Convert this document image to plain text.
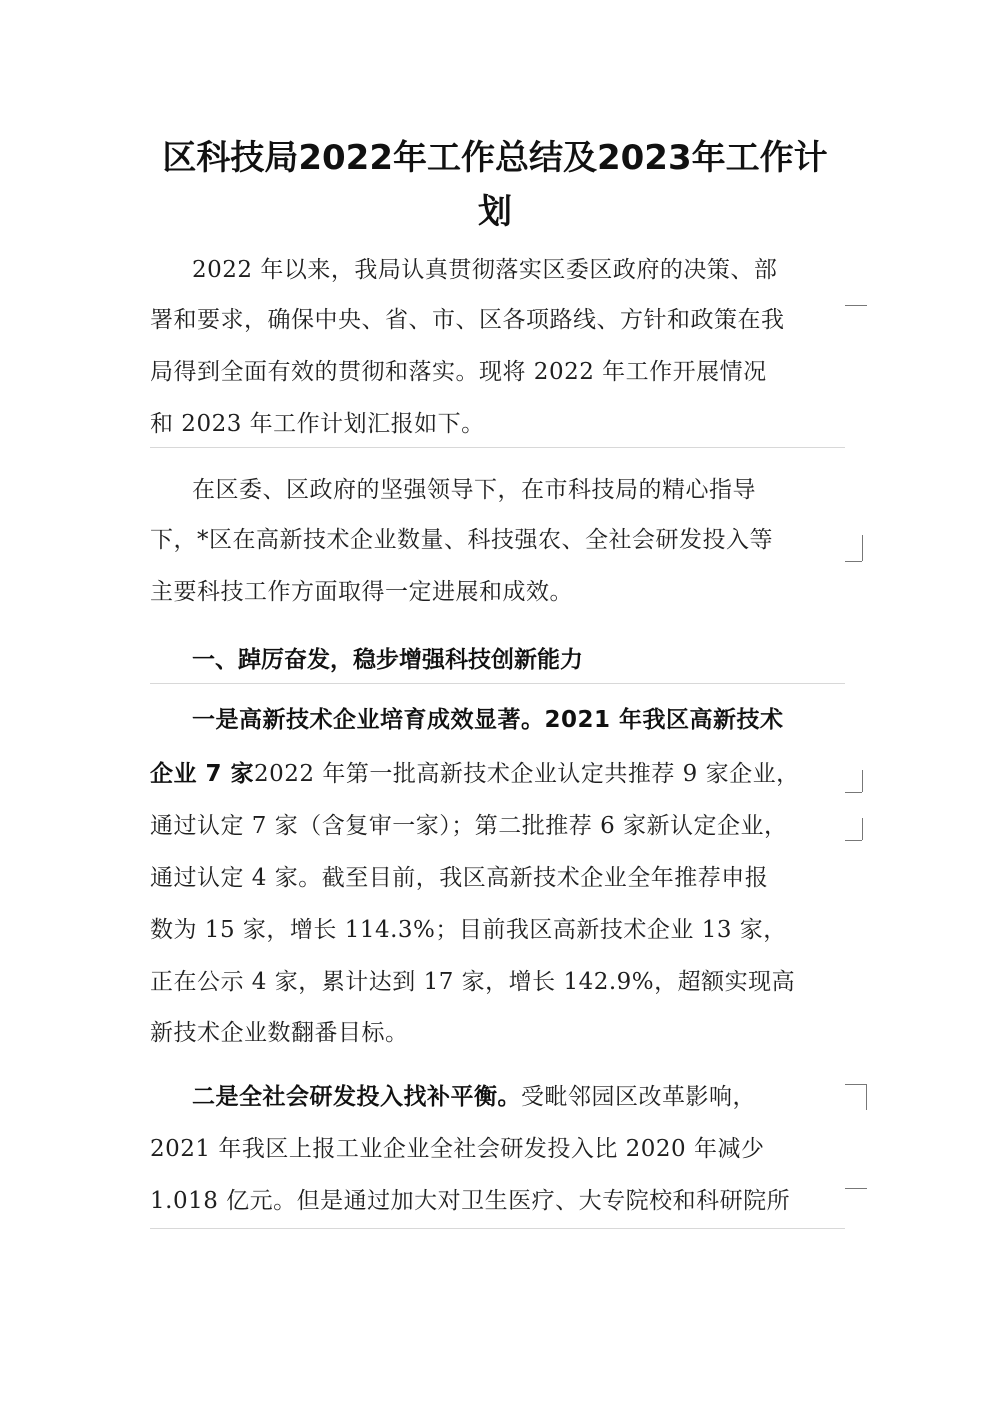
区科技局2022年工作总结及2023年工作计
划
2022 年以来，我局认真贯彻落实区委区政府的决策、部
署和要求，确保中央、省、市、区各项路线、方针和政策在我
局得到全面有效的贯彻和落实。现将 2022 年工作开展情况
和 2023 年工作计划汇报如下。
在区委、区政府的坚强领导下，在市科技局的精心指导
下，*区在高新技术企业数量、科技强农、全社会研发投入等
主要科技工作方面取得一定进展和成效。
一、踔厉奋发，稳步增强科技创新能力
一是高新技术企业培育成效显著。2021 年我区高新技术
企业 7 家2022 年第一批高新技术企业认定共推荐 9 家企业，
通过认定 7 家（含复审一家）；第二批推荐 6 家新认定企业，
通过认定 4 家。截至目前，我区高新技术企业全年推荐申报
数为 15 家，增长 114.3%；目前我区高新技术企业 13 家，
正在公示 4 家，累计达到 17 家，增长 142.9%，超额实现高
新技术企业数翻番目标。
二是全社会研发投入找补平衡。受毗邻园区改革影响，
2021 年我区上报工业企业全社会研发投入比 2020 年减少
1.018 亿元。但是通过加大对卫生医疗、大专院校和科研院所
